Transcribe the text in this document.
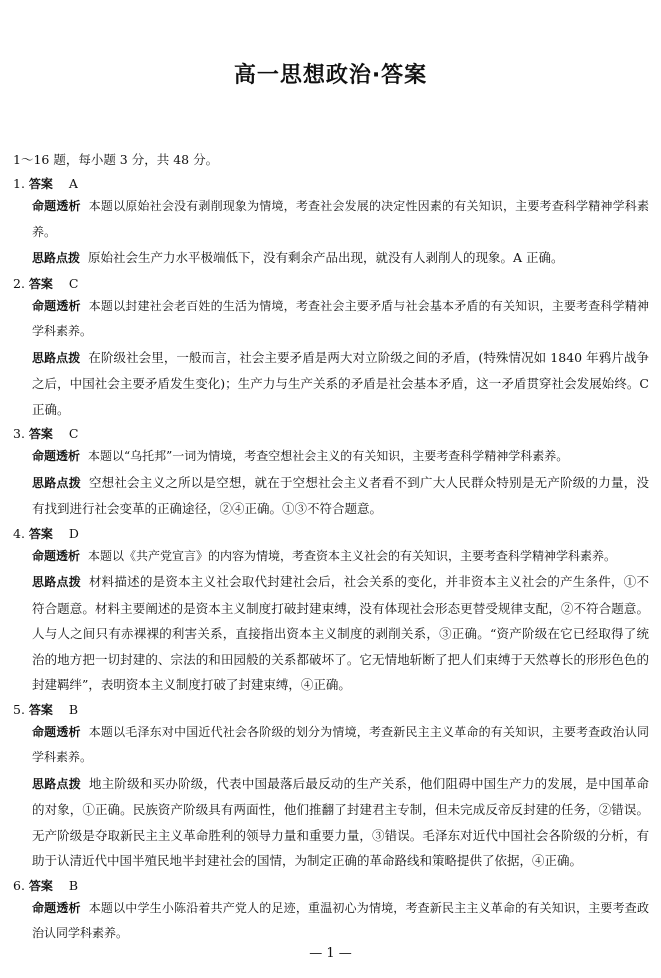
高一思想政治·答案
1～16 题，每小题 3 分，共 48 分。
1. 答案 A
命题透析 本题以原始社会没有剥削现象为情境，考查社会发展的决定性因素的有关知识，主要考查科学精神学科素养。
思路点拨 原始社会生产力水平极端低下，没有剩余产品出现，就没有人剥削人的现象。A 正确。
2. 答案 C
命题透析 本题以封建社会老百姓的生活为情境，考查社会主要矛盾与社会基本矛盾的有关知识，主要考查科学精神学科素养。
思路点拨 在阶级社会里，一般而言，社会主要矛盾是两大对立阶级之间的矛盾，(特殊情况如 1840 年鸦片战争之后，中国社会主要矛盾发生变化)；生产力与生产关系的矛盾是社会基本矛盾，这一矛盾贯穿社会发展始终。C 正确。
3. 答案 C
命题透析 本题以“乌托邦”一词为情境，考查空想社会主义的有关知识，主要考查科学精神学科素养。
思路点拨 空想社会主义之所以是空想，就在于空想社会主义者看不到广大人民群众特别是无产阶级的力量，没有找到进行社会变革的正确途径，②④正确。①③不符合题意。
4. 答案 D
命题透析 本题以《共产党宣言》的内容为情境，考查资本主义社会的有关知识，主要考查科学精神学科素养。
思路点拨 材料描述的是资本主义社会取代封建社会后，社会关系的变化，并非资本主义社会的产生条件，①不符合题意。材料主要阐述的是资本主义制度打破封建束缚，没有体现社会形态更替受规律支配，②不符合题意。人与人之间只有赤裸裸的利害关系，直接指出资本主义制度的剥削关系，③正确。“资产阶级在它已经取得了统治的地方把一切封建的、宗法的和田园般的关系都破坏了。它无情地斩断了把人们束缚于天然尊长的形形色色的封建羁绊”，表明资本主义制度打破了封建束缚，④正确。
5. 答案 B
命题透析 本题以毛泽东对中国近代社会各阶级的划分为情境，考查新民主主义革命的有关知识，主要考查政治认同学科素养。
思路点拨 地主阶级和买办阶级，代表中国最落后最反动的生产关系，他们阻碍中国生产力的发展，是中国革命的对象，①正确。民族资产阶级具有两面性，他们推翻了封建君主专制，但未完成反帝反封建的任务，②错误。无产阶级是夺取新民主主义革命胜利的领导力量和重要力量，③错误。毛泽东对近代中国社会各阶级的分析，有助于认清近代中国半殖民地半封建社会的国情，为制定正确的革命路线和策略提供了依据，④正确。
6. 答案 B
命题透析 本题以中学生小陈沿着共产党人的足迹，重温初心为情境，考查新民主主义革命的有关知识，主要考查政治认同学科素养。
— 1 —
